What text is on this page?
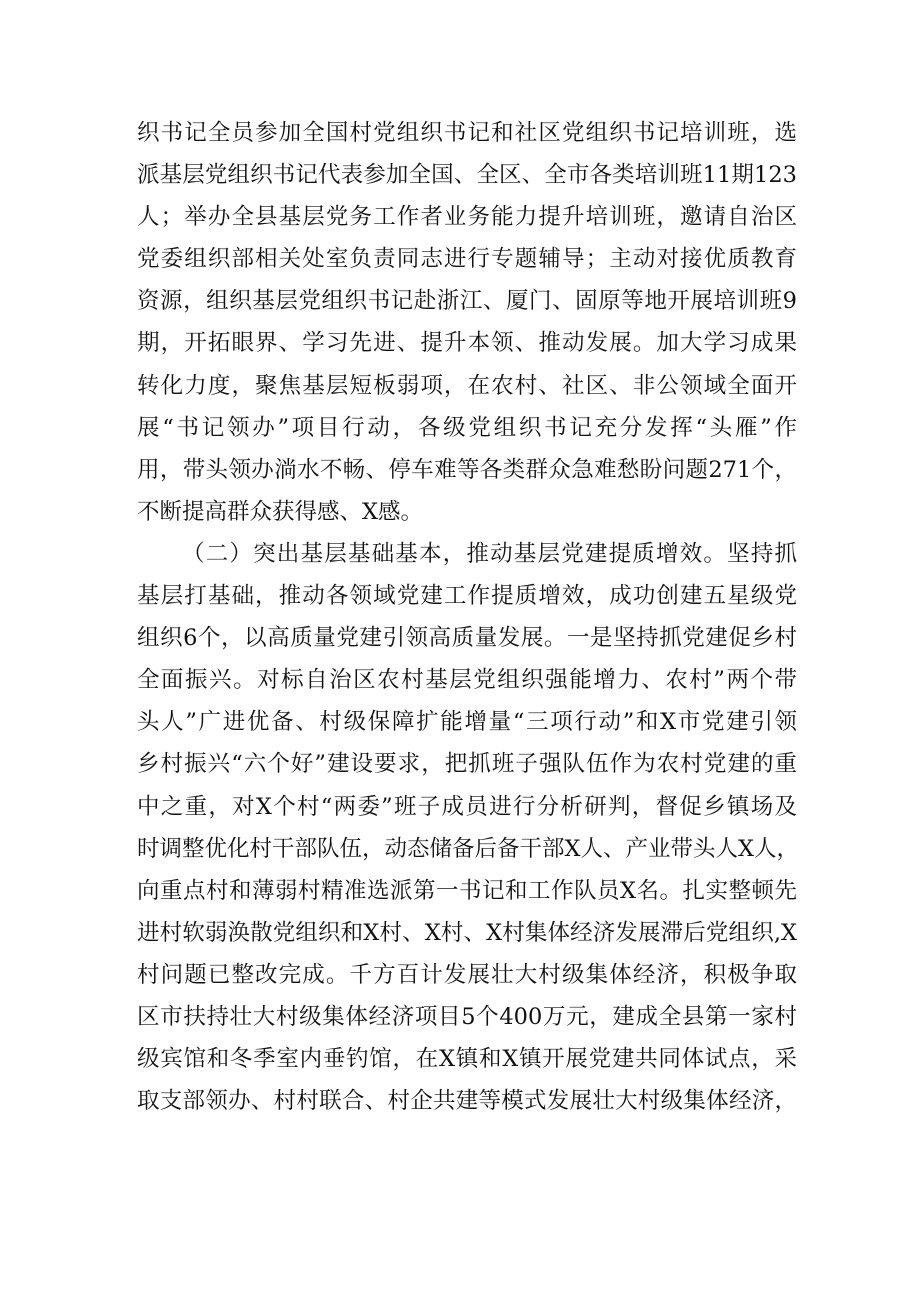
织书记全员参加全国村党组织书记和社区党组织书记培训班，选
派基层党组织书记代表参加全国、全区、全市各类培训班11期123
人；举办全县基层党务工作者业务能力提升培训班，邀请自治区
党委组织部相关处室负责同志进行专题辅导；主动对接优质教育
资源，组织基层党组织书记赴浙江、厦门、固原等地开展培训班9
期，开拓眼界、学习先进、提升本领、推动发展。加大学习成果
转化力度，聚焦基层短板弱项，在农村、社区、非公领域全面开
展“书记领办”项目行动，各级党组织书记充分发挥“头雁”作
用，带头领办淌水不畅、停车难等各类群众急难愁盼问题271个，
不断提高群众获得感、X感。
（二）突出基层基础基本，推动基层党建提质增效。坚持抓
基层打基础，推动各领域党建工作提质增效，成功创建五星级党
组织6个，以高质量党建引领高质量发展。一是坚持抓党建促乡村
全面振兴。对标自治区农村基层党组织强能增力、农村”两个带
头人”广进优备、村级保障扩能增量“三项行动”和X市党建引领
乡村振兴“六个好”建设要求，把抓班子强队伍作为农村党建的重
中之重，对X个村“两委”班子成员进行分析研判，督促乡镇场及
时调整优化村干部队伍，动态储备后备干部X人、产业带头人X人，
向重点村和薄弱村精准选派第一书记和工作队员X名。扎实整顿先
进村软弱涣散党组织和X村、X村、X村集体经济发展滞后党组织,X
村问题已整改完成。千方百计发展壮大村级集体经济，积极争取
区市扶持壮大村级集体经济项目5个400万元，建成全县第一家村
级宾馆和冬季室内垂钓馆，在X镇和X镇开展党建共同体试点，采
取支部领办、村村联合、村企共建等模式发展壮大村级集体经济，
